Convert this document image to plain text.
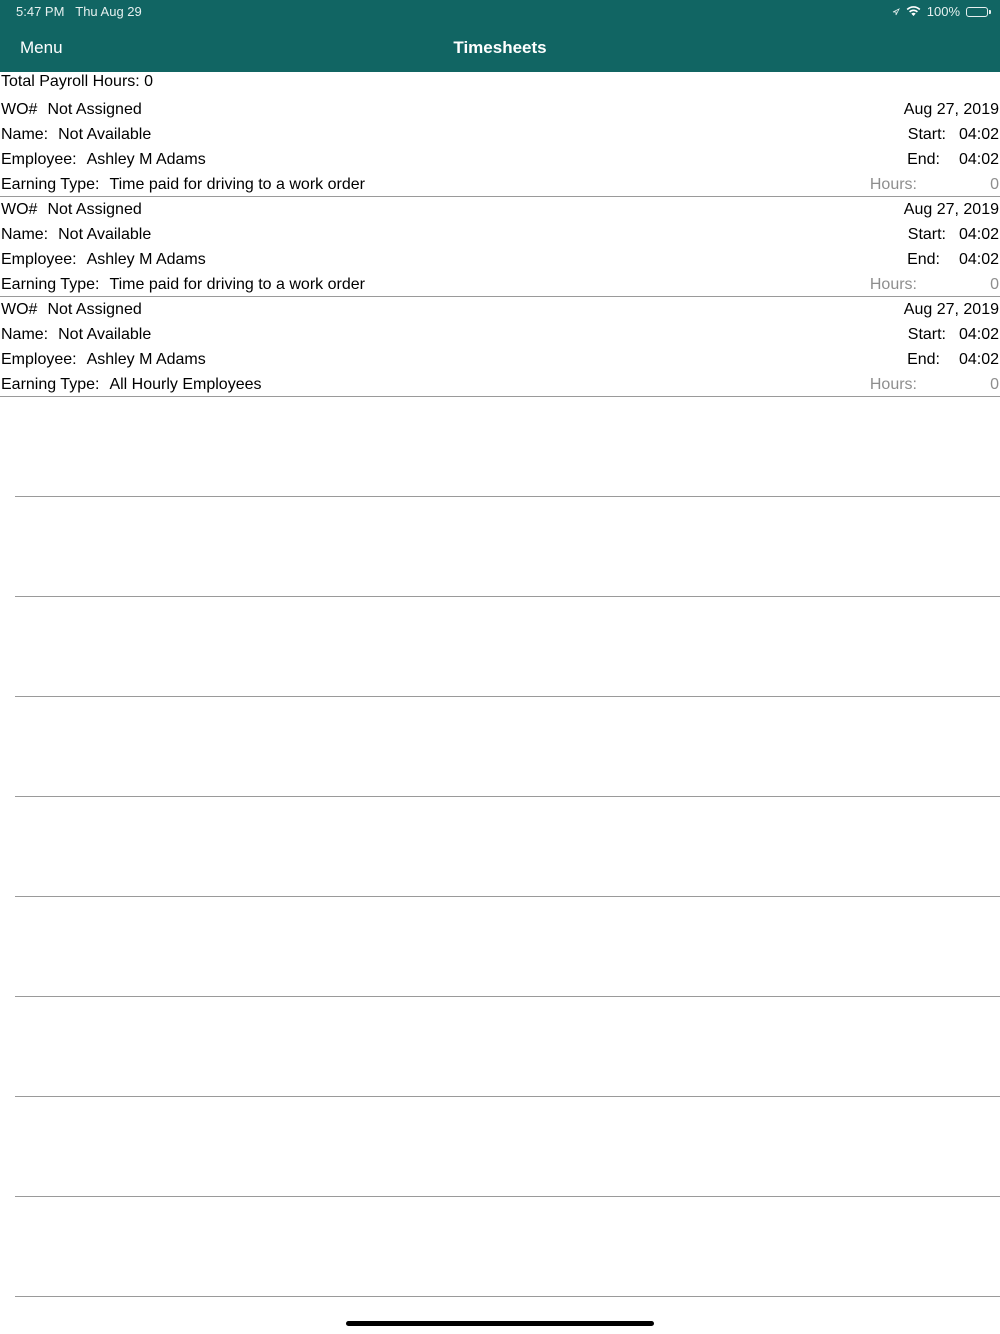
5:47 PM Thu Aug 29	100%
Menu	Timesheets
Total Payroll Hours: 0
WO# Not Assigned	Aug 27, 2019
Name: Not Available	Start: 04:02
Employee: Ashley M Adams	End: 04:02
Earning Type: Time paid for driving to a work order	Hours:	0
WO# Not Assigned	Aug 27, 2019
Name: Not Available	Start: 04:02
Employee: Ashley M Adams	End: 04:02
Earning Type: Time paid for driving to a work order	Hours:	0
WO# Not Assigned	Aug 27, 2019
Name: Not Available	Start: 04:02
Employee: Ashley M Adams	End: 04:02
Earning Type: All Hourly Employees	Hours:	0
